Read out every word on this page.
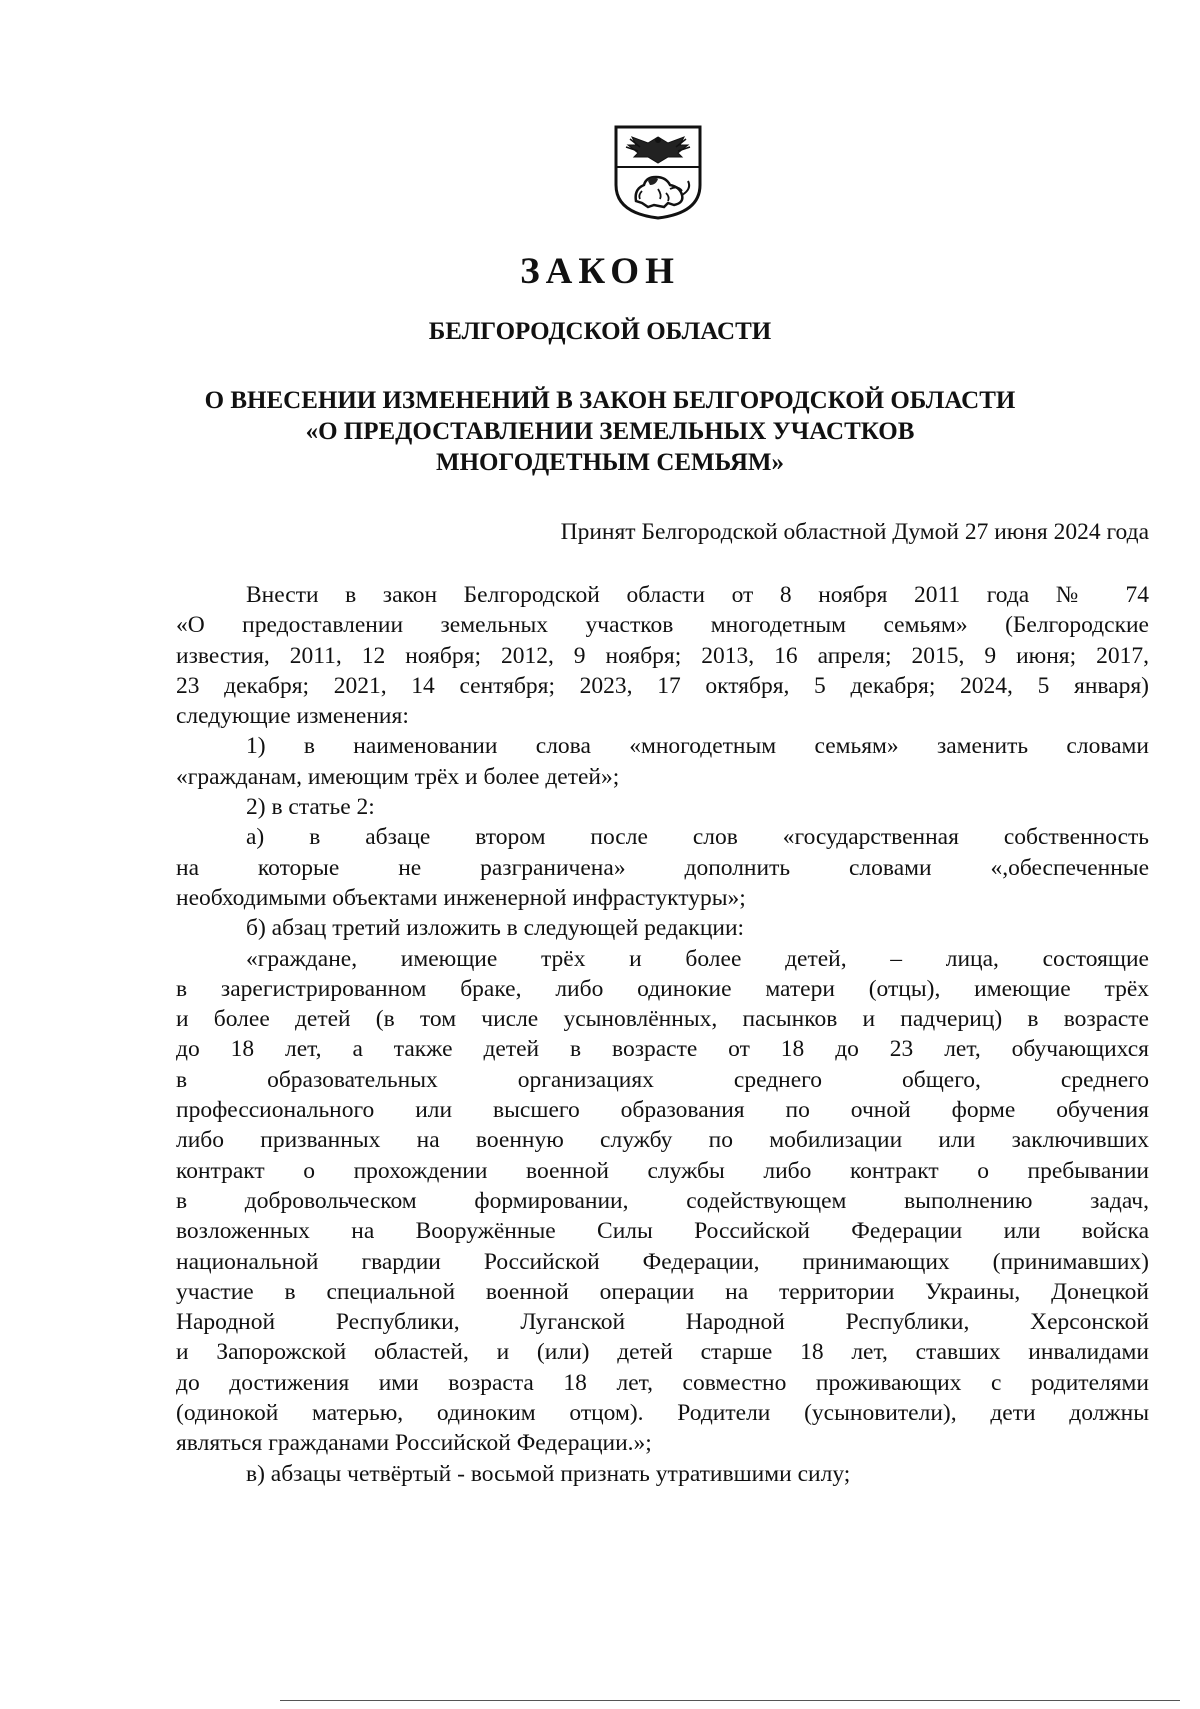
ЗАКОН
БЕЛГОРОДСКОЙ ОБЛАСТИ
О ВНЕСЕНИИ ИЗМЕНЕНИЙ В ЗАКОН БЕЛГОРОДСКОЙ ОБЛАСТИ
«О ПРЕДОСТАВЛЕНИИ ЗЕМЕЛЬНЫХ УЧАСТКОВ
МНОГОДЕТНЫМ СЕМЬЯМ»

Принят Белгородской областной Думой 27 июня 2024 года

Внести в закон Белгородской области от 8 ноября 2011 года № 74
«О предоставлении земельных участков многодетным семьям» (Белгородские
известия, 2011, 12 ноября; 2012, 9 ноября; 2013, 16 апреля; 2015, 9 июня; 2017,
23 декабря; 2021, 14 сентября; 2023, 17 октября, 5 декабря; 2024, 5 января)
следующие изменения:
1) в наименовании слова «многодетным семьям» заменить словами
«гражданам, имеющим трёх и более детей»;
2) в статье 2:
а) в абзаце втором после слов «государственная собственность
на которые не разграничена» дополнить словами «,обеспеченные
необходимыми объектами инженерной инфрастуктуры»;
б) абзац третий изложить в следующей редакции:
«граждане, имеющие трёх и более детей, – лица, состоящие
в зарегистрированном браке, либо одинокие матери (отцы), имеющие трёх
и более детей (в том числе усыновлённых, пасынков и падчериц) в возрасте
до 18 лет, а также детей в возрасте от 18 до 23 лет, обучающихся
в образовательных организациях среднего общего, среднего
профессионального или высшего образования по очной форме обучения
либо призванных на военную службу по мобилизации или заключивших
контракт о прохождении военной службы либо контракт о пребывании
в добровольческом формировании, содействующем выполнению задач,
возложенных на Вооружённые Силы Российской Федерации или войска
национальной гвардии Российской Федерации, принимающих (принимавших)
участие в специальной военной операции на территории Украины, Донецкой
Народной Республики, Луганской Народной Республики, Херсонской
и Запорожской областей, и (или) детей старше 18 лет, ставших инвалидами
до достижения ими возраста 18 лет, совместно проживающих с родителями
(одинокой матерью, одиноким отцом). Родители (усыновители), дети должны
являться гражданами Российской Федерации.»;
в) абзацы четвёртый - восьмой признать утратившими силу;
